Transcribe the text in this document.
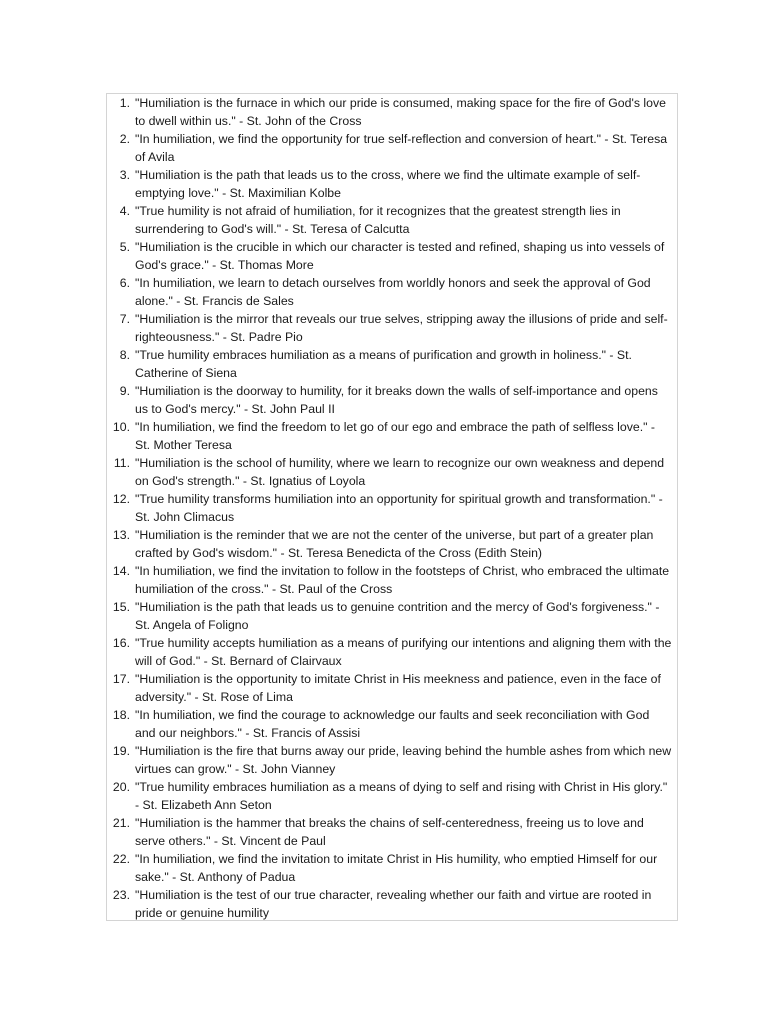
1. "Humiliation is the furnace in which our pride is consumed, making space for the fire of God's love to dwell within us." - St. John of the Cross
2. "In humiliation, we find the opportunity for true self-reflection and conversion of heart." - St. Teresa of Avila
3. "Humiliation is the path that leads us to the cross, where we find the ultimate example of self-emptying love." - St. Maximilian Kolbe
4. "True humility is not afraid of humiliation, for it recognizes that the greatest strength lies in surrendering to God's will." - St. Teresa of Calcutta
5. "Humiliation is the crucible in which our character is tested and refined, shaping us into vessels of God's grace." - St. Thomas More
6. "In humiliation, we learn to detach ourselves from worldly honors and seek the approval of God alone." - St. Francis de Sales
7. "Humiliation is the mirror that reveals our true selves, stripping away the illusions of pride and self-righteousness." - St. Padre Pio
8. "True humility embraces humiliation as a means of purification and growth in holiness." - St. Catherine of Siena
9. "Humiliation is the doorway to humility, for it breaks down the walls of self-importance and opens us to God's mercy." - St. John Paul II
10. "In humiliation, we find the freedom to let go of our ego and embrace the path of selfless love." - St. Mother Teresa
11. "Humiliation is the school of humility, where we learn to recognize our own weakness and depend on God's strength." - St. Ignatius of Loyola
12. "True humility transforms humiliation into an opportunity for spiritual growth and transformation." - St. John Climacus
13. "Humiliation is the reminder that we are not the center of the universe, but part of a greater plan crafted by God's wisdom." - St. Teresa Benedicta of the Cross (Edith Stein)
14. "In humiliation, we find the invitation to follow in the footsteps of Christ, who embraced the ultimate humiliation of the cross." - St. Paul of the Cross
15. "Humiliation is the path that leads us to genuine contrition and the mercy of God's forgiveness." - St. Angela of Foligno
16. "True humility accepts humiliation as a means of purifying our intentions and aligning them with the will of God." - St. Bernard of Clairvaux
17. "Humiliation is the opportunity to imitate Christ in His meekness and patience, even in the face of adversity." - St. Rose of Lima
18. "In humiliation, we find the courage to acknowledge our faults and seek reconciliation with God and our neighbors." - St. Francis of Assisi
19. "Humiliation is the fire that burns away our pride, leaving behind the humble ashes from which new virtues can grow." - St. John Vianney
20. "True humility embraces humiliation as a means of dying to self and rising with Christ in His glory." - St. Elizabeth Ann Seton
21. "Humiliation is the hammer that breaks the chains of self-centeredness, freeing us to love and serve others." - St. Vincent de Paul
22. "In humiliation, we find the invitation to imitate Christ in His humility, who emptied Himself for our sake." - St. Anthony of Padua
23. "Humiliation is the test of our true character, revealing whether our faith and virtue are rooted in pride or genuine humility
